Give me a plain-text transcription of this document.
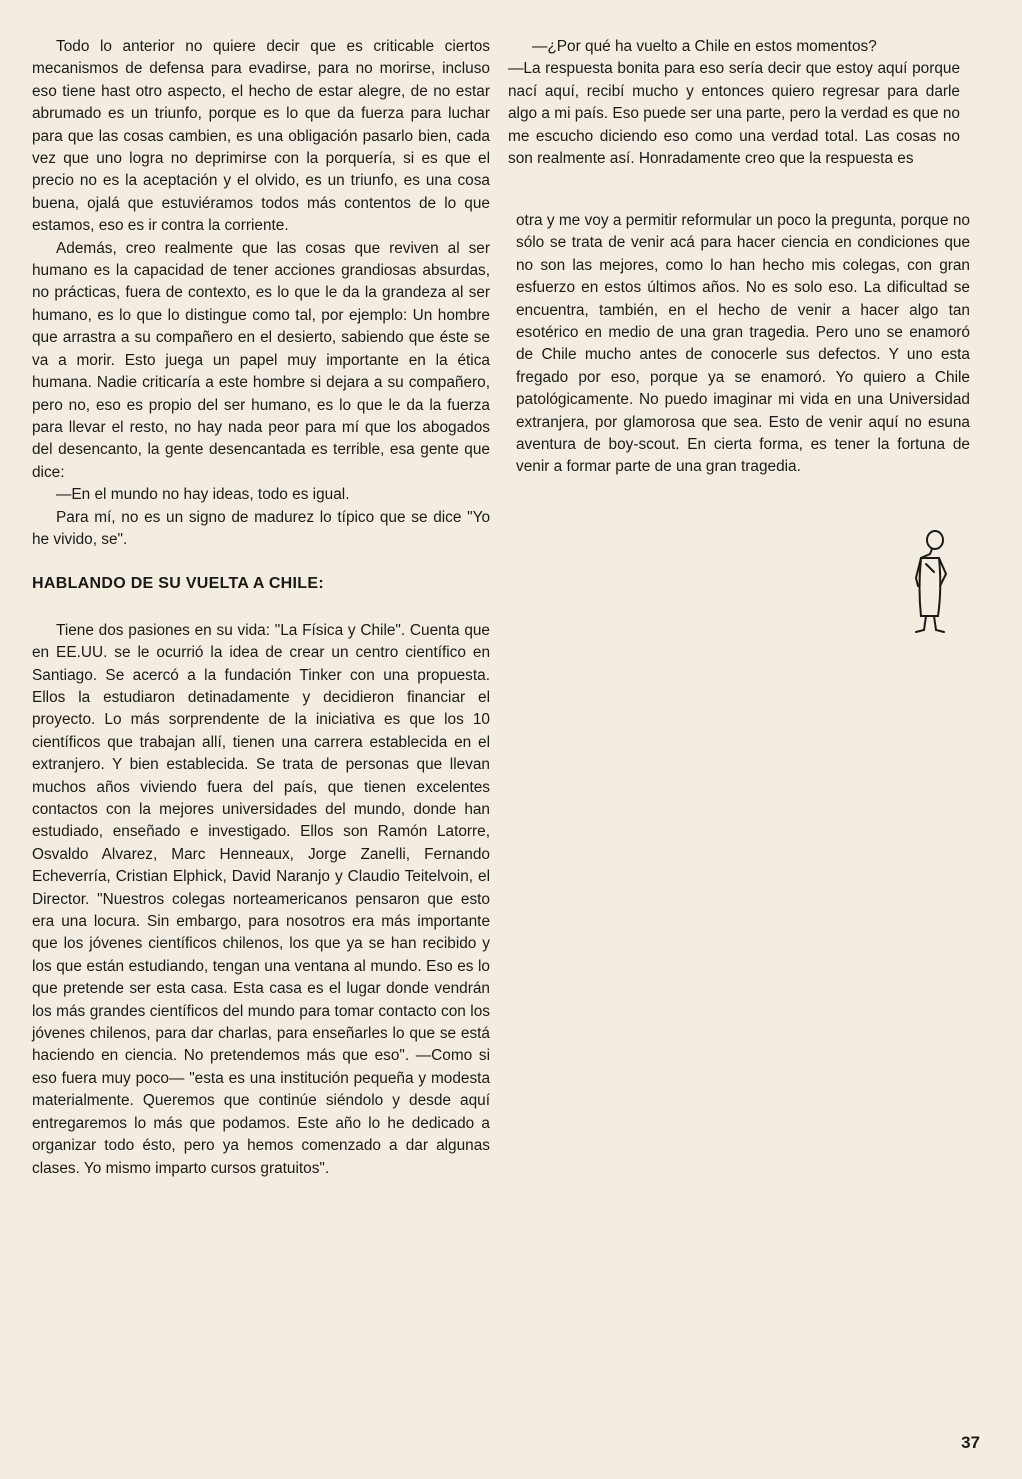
Todo lo anterior no quiere decir que es criticable ciertos mecanismos de defensa para evadirse, para no morirse, incluso eso tiene hast otro aspecto, el hecho de estar alegre, de no estar abrumado es un triunfo, porque es lo que da fuerza para luchar para que las cosas cambien, es una obligación pasarlo bien, cada vez que uno logra no deprimirse con la porquería, si es que el precio no es la aceptación y el olvido, es un triunfo, es una cosa buena, ojalá que estuviéramos todos más contentos de lo que estamos, eso es ir contra la corriente.

Además, creo realmente que las cosas que reviven al ser humano es la capacidad de tener acciones grandiosas absurdas, no prácticas, fuera de contexto, es lo que le da la grandeza al ser humano, es lo que lo distingue como tal, por ejemplo: Un hombre que arrastra a su compañero en el desierto, sabiendo que éste se va a morir. Esto juega un papel muy importante en la ética humana. Nadie criticaría a este hombre si dejara a su compañero, pero no, eso es propio del ser humano, es lo que le da la fuerza para llevar el resto, no hay nada peor para mí que los abogados del desencanto, la gente desencantada es terrible, esa gente que dice:

—En el mundo no hay ideas, todo es igual.

Para mí, no es un signo de madurez lo típico que se dice "Yo he vivido, se".

HABLANDO DE SU VUELTA A CHILE:

Tiene dos pasiones en su vida: "La Física y Chile". Cuenta que en EE.UU. se le ocurrió la idea de crear un centro científico en Santiago. Se acercó a la fundación Tinker con una propuesta. Ellos la estudiaron detinadamente y decidieron financiar el proyecto. Lo más sorprendente de la iniciativa es que los 10 científicos que trabajan allí, tienen una carrera establecida en el extranjero. Y bien establecida. Se trata de personas que llevan muchos años viviendo fuera del país, que tienen excelentes contactos con la mejores universidades del mundo, donde han estudiado, enseñado e investigado. Ellos son Ramón Latorre, Osvaldo Alvarez, Marc Henneaux, Jorge Zanelli, Fernando Echeverría, Cristian Elphick, David Naranjo y Claudio Teitelvoin, el Director. "Nuestros colegas norteamericanos pensaron que esto era una locura. Sin embargo, para nosotros era más importante que los jóvenes científicos chilenos, los que ya se han recibido y los que están estudiando, tengan una ventana al mundo. Eso es lo que pretende ser esta casa. Esta casa es el lugar donde vendrán los más grandes científicos del mundo para tomar contacto con los jóvenes chilenos, para dar charlas, para enseñarles lo que se está haciendo en ciencia. No pretendemos más que eso". —Como si eso fuera muy poco— "esta es una institución pequeña y modesta materialmente. Queremos que continúe siéndolo y desde aquí entregaremos lo más que podamos. Este año lo he dedicado a organizar todo ésto, pero ya hemos comenzado a dar algunas clases. Yo mismo imparto cursos gratuitos".

—¿Por qué ha vuelto a Chile en estos momentos?

—La respuesta bonita para eso sería decir que estoy aquí porque nací aquí, recibí mucho y entonces quiero regresar para darle algo a mi país. Eso puede ser una parte, pero la verdad es que no me escucho diciendo eso como una verdad total. Las cosas no son realmente así. Honradamente creo que la respuesta es

otra y me voy a permitir reformular un poco la pregunta, porque no sólo se trata de venir acá para hacer ciencia en condiciones que no son las mejores, como lo han hecho mis colegas, con gran esfuerzo en estos últimos años. No es solo eso. La dificultad se encuentra, también, en el hecho de venir a hacer algo tan esotérico en medio de una gran tragedia. Pero uno se enamoró de Chile mucho antes de conocerle sus defectos. Y uno esta fregado por eso, porque ya se enamoró. Yo quiero a Chile patológicamente. No puedo imaginar mi vida en una Universidad extranjera, por glamorosa que sea. Esto de venir aquí no esuna aventura de boy-scout. En cierta forma, es tener la fortuna de venir a formar parte de una gran tragedia.

37
